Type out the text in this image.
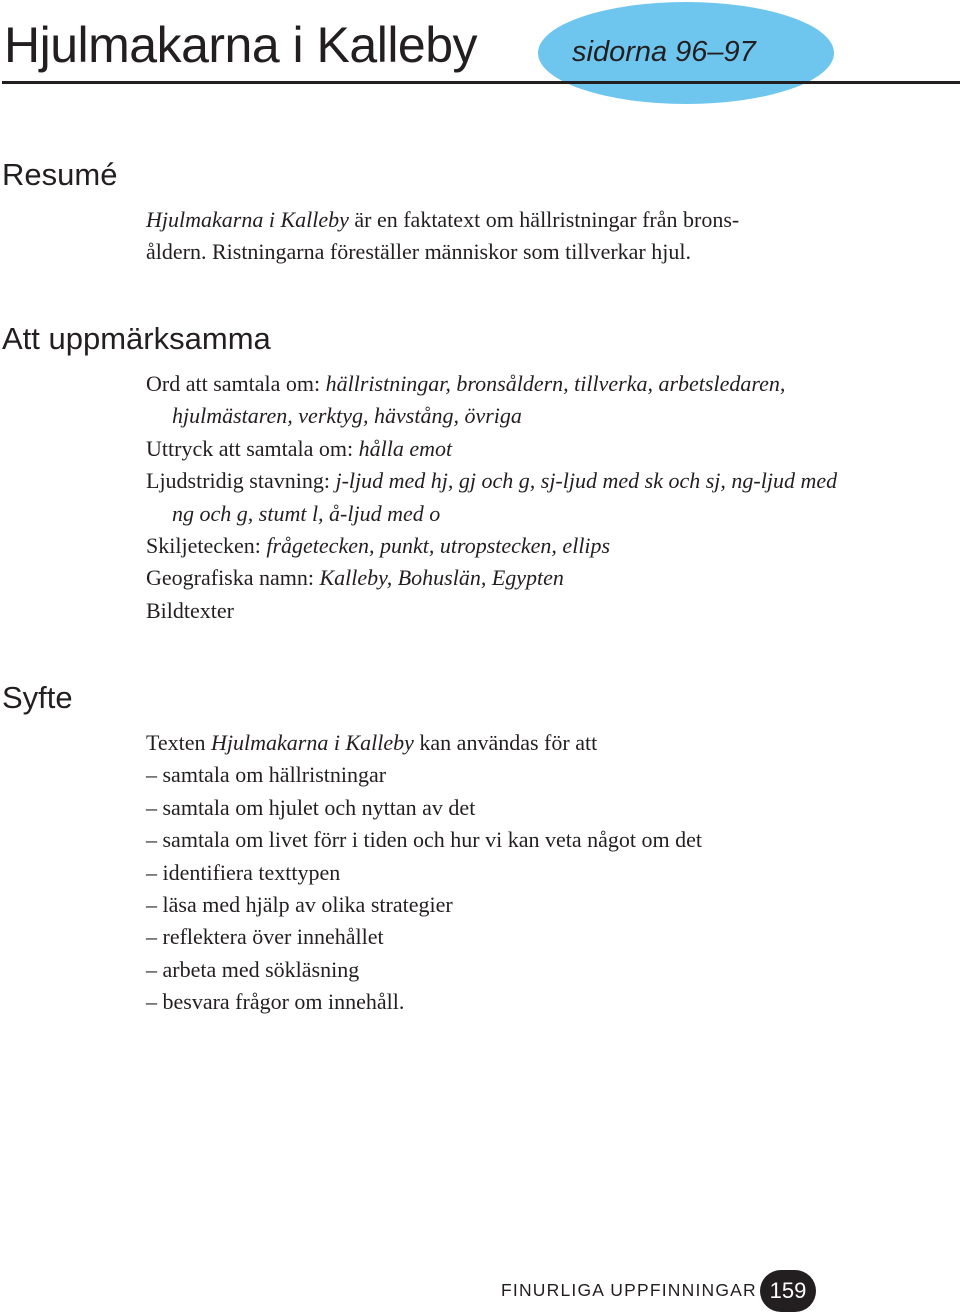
Hjulmakarna i Kalleby	sidorna 96–97
Resumé
Hjulmakarna i Kalleby är en faktatext om hällristningar från brons-
åldern. Ristningarna föreställer människor som tillverkar hjul.
Att uppmärksamma
Ord att samtala om: hällristningar, bronsåldern, tillverka, arbetsledaren, hjulmästaren, verktyg, hävstång, övriga
Uttryck att samtala om: hålla emot
Ljudstridig stavning: j-ljud med hj, gj och g, sj-ljud med sk och sj, ng-ljud med ng och g, stumt l, å-ljud med o
Skiljetecken: frågetecken, punkt, utropstecken, ellips
Geografiska namn: Kalleby, Bohuslän, Egypten
Bildtexter
Syfte
Texten Hjulmakarna i Kalleby kan användas för att
– samtala om hällristningar
– samtala om hjulet och nyttan av det
– samtala om livet förr i tiden och hur vi kan veta något om det
– identifiera texttypen
– läsa med hjälp av olika strategier
– reflektera över innehållet
– arbeta med sökläsning
– besvara frågor om innehåll.
FINURLIGA UPPFINNINGAR 159
